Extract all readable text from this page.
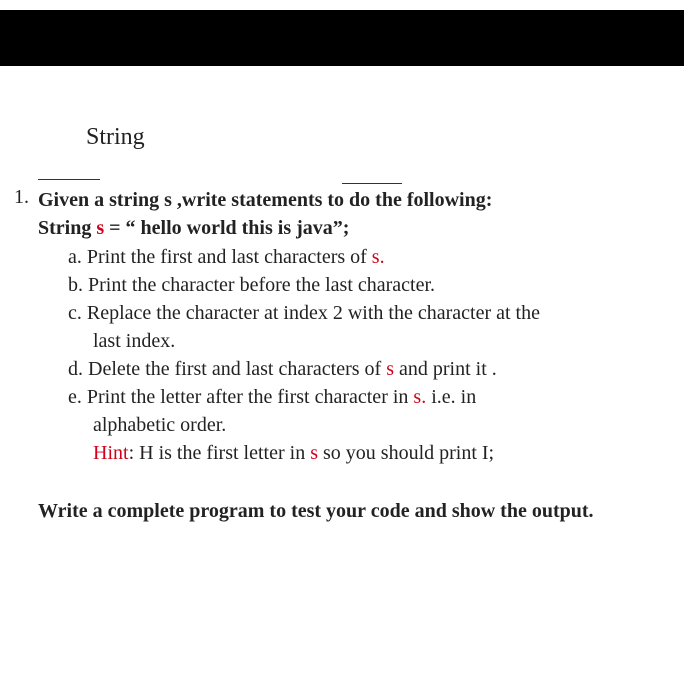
String
1. Given a string s ,write statements to do the following:
String s = “ hello world this is java”;
a. Print the first and last characters of s.
b. Print the character before the last character.
c. Replace the character at index 2 with the character at the
last index.
d. Delete the first and last characters of s and print it .
e. Print the letter after the first character in s. i.e. in
alphabetic order.
Hint: H is the first letter in s so you should print I;
Write a complete program to test your code and show the output.
